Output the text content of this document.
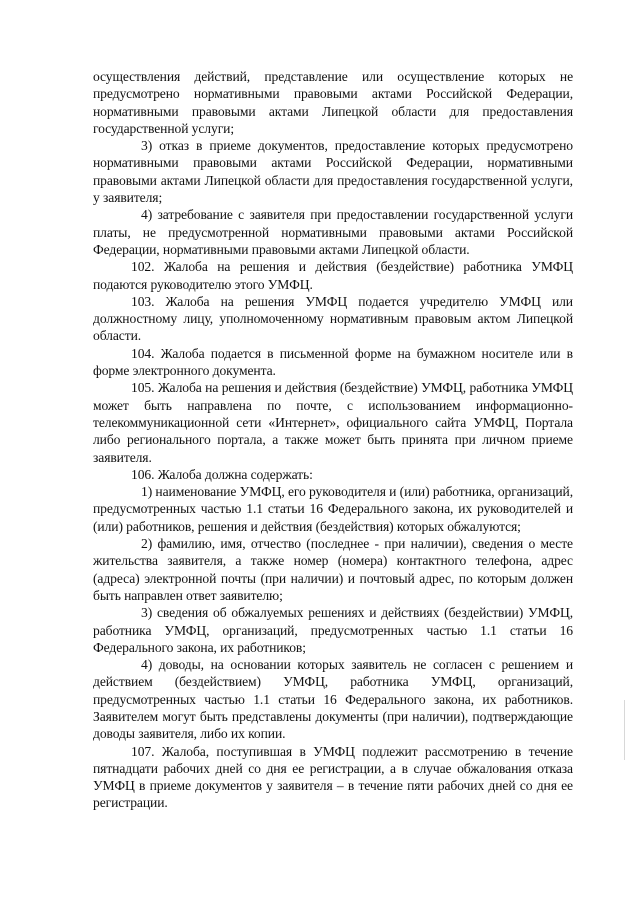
осуществления действий, представление или осуществление которых не предусмотрено нормативными правовыми актами Российской Федерации, нормативными правовыми актами Липецкой области для предоставления государственной услуги;

3) отказ в приеме документов, предоставление которых предусмотрено нормативными правовыми актами Российской Федерации, нормативными правовыми актами Липецкой области для предоставления государственной услуги, у заявителя;

4) затребование с заявителя при предоставлении государственной услуги платы, не предусмотренной нормативными правовыми актами Российской Федерации, нормативными правовыми актами Липецкой области.

102. Жалоба на решения и действия (бездействие) работника УМФЦ подаются руководителю этого УМФЦ.

103. Жалоба на решения УМФЦ подается учредителю УМФЦ или должностному лицу, уполномоченному нормативным правовым актом Липецкой области.

104. Жалоба подается в письменной форме на бумажном носителе или в форме электронного документа.

105. Жалоба на решения и действия (бездействие) УМФЦ, работника УМФЦ может быть направлена по почте, с использованием информационно-телекоммуникационной сети «Интернет», официального сайта УМФЦ, Портала либо регионального портала, а также может быть принята при личном приеме заявителя.

106. Жалоба должна содержать:

1) наименование УМФЦ, его руководителя и (или) работника, организаций, предусмотренных частью 1.1 статьи 16 Федерального закона, их руководителей и (или) работников, решения и действия (бездействия) которых обжалуются;

2) фамилию, имя, отчество (последнее - при наличии), сведения о месте жительства заявителя, а также номер (номера) контактного телефона, адрес (адреса) электронной почты (при наличии) и почтовый адрес, по которым должен быть направлен ответ заявителю;

3) сведения об обжалуемых решениях и действиях (бездействии) УМФЦ, работника УМФЦ, организаций, предусмотренных частью 1.1 статьи 16 Федерального закона, их работников;

4) доводы, на основании которых заявитель не согласен с решением и действием (бездействием) УМФЦ, работника УМФЦ, организаций, предусмотренных частью 1.1 статьи 16 Федерального закона, их работников. Заявителем могут быть представлены документы (при наличии), подтверждающие доводы заявителя, либо их копии.

107. Жалоба, поступившая в УМФЦ подлежит рассмотрению в течение пятнадцати рабочих дней со дня ее регистрации, а в случае обжалования отказа УМФЦ в приеме документов у заявителя – в течение пяти рабочих дней со дня ее регистрации.
